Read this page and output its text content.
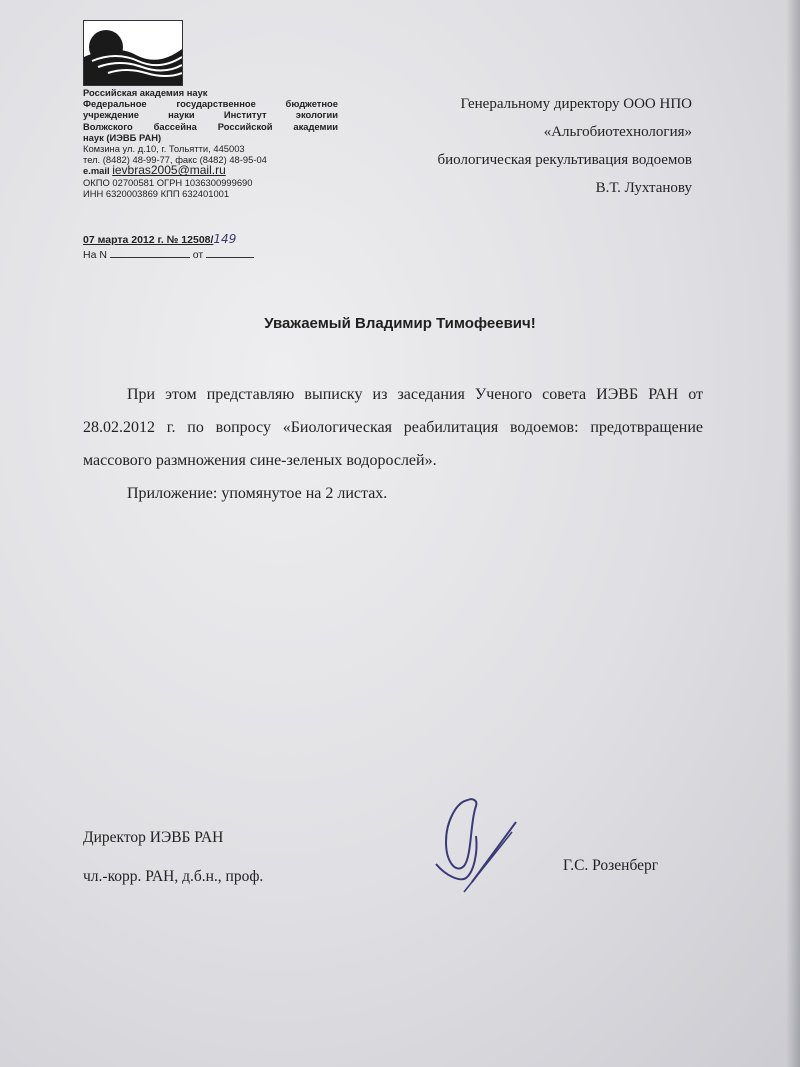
Российская академия наук
Федеральное государственное бюджетное
учреждение науки Институт экологии
Волжского бассейна Российской академии
наук (ИЭВБ РАН)
Комзина ул. д.10, г. Тольятти, 445003
тел. (8482) 48-99-77, факс (8482) 48-95-04
e.mail ievbras2005@mail.ru
ОКПО 02700581 ОГРН 1036300999690
ИНН 6320003869 КПП 632401001
07 марта 2012 г. № 12508/149
На N	от
Генеральному директору ООО НПО
«Альгобиотехнология»
биологическая рекультивация водоемов
В.Т. Лухтанову
Уважаемый Владимир Тимофеевич!

При этом представляю выписку из заседания Ученого совета ИЭВБ РАН от 28.02.2012 г. по вопросу «Биологическая реабилитация водоемов: предотвращение массового размножения сине-зеленых водорослей».

Приложение: упомянутое на 2 листах.

Директор ИЭВБ РАН
чл.-корр. РАН, д.б.н., проф.
Г.С. Розенберг
